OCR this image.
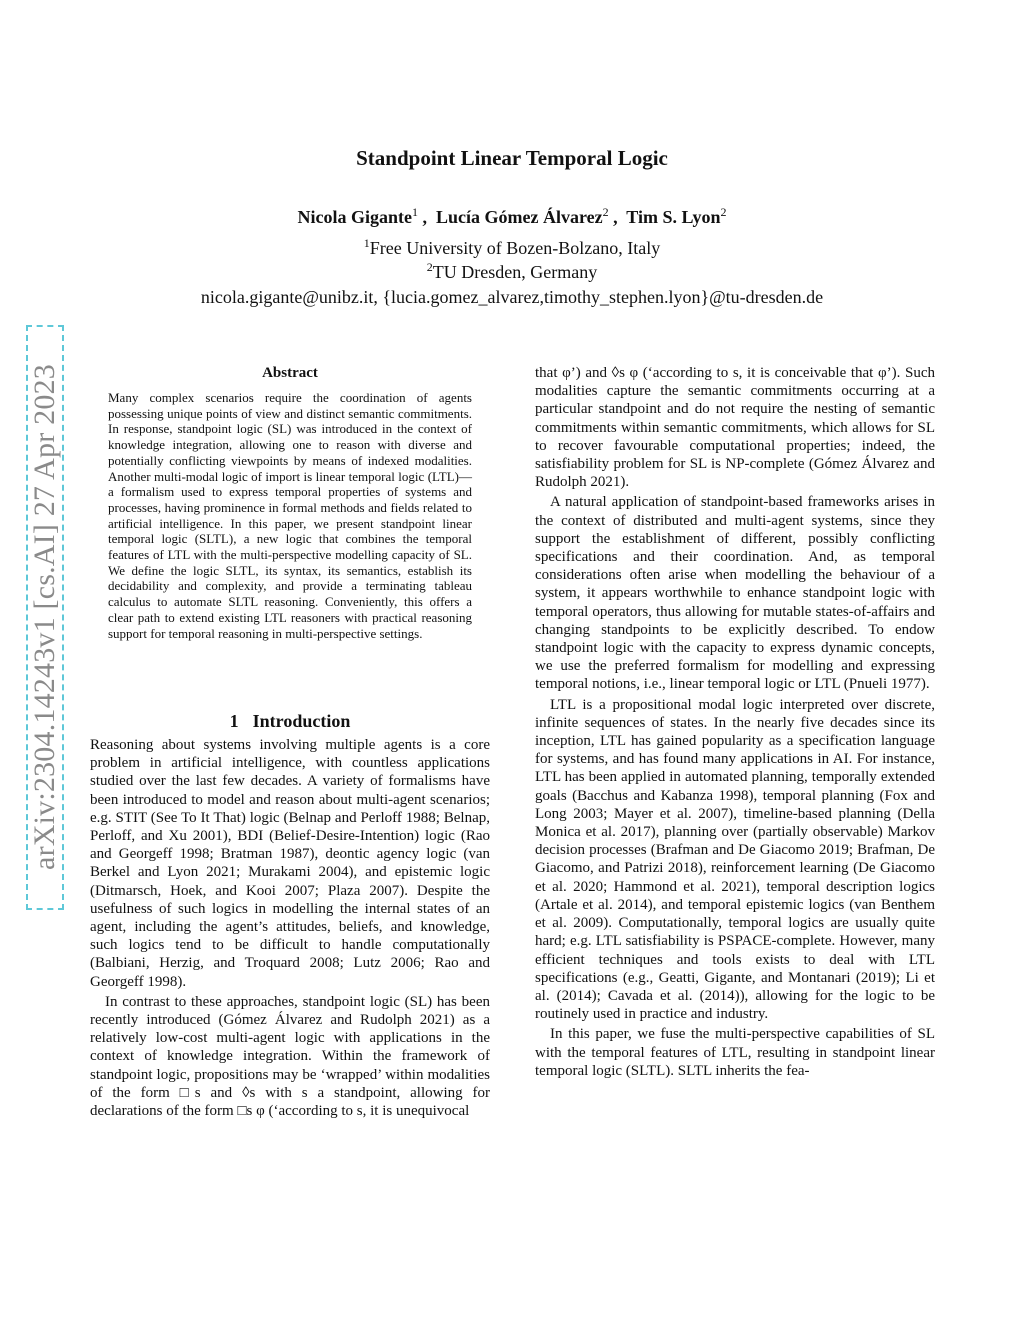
arXiv:2304.14243v1 [cs.AI] 27 Apr 2023
Standpoint Linear Temporal Logic
Nicola Gigante$^1$ ,  Lucía Gómez Álvarez$^2$ ,  Tim S. Lyon$^2$
$^1$Free University of Bozen-Bolzano, Italy
$^2$TU Dresden, Germany
nicola.gigante@unibz.it, {lucia.gomez_alvarez,timothy_stephen.lyon}@tu-dresden.de
Abstract
Many complex scenarios require the coordination of agents possessing unique points of view and distinct semantic commitments. In response, standpoint logic (SL) was introduced in the context of knowledge integration, allowing one to reason with diverse and potentially conflicting viewpoints by means of indexed modalities. Another multi-modal logic of import is linear temporal logic (LTL)—a formalism used to express temporal properties of systems and processes, having prominence in formal methods and fields related to artificial intelligence. In this paper, we present standpoint linear temporal logic (SLTL), a new logic that combines the temporal features of LTL with the multi-perspective modelling capacity of SL. We define the logic SLTL, its syntax, its semantics, establish its decidability and complexity, and provide a terminating tableau calculus to automate SLTL reasoning. Conveniently, this offers a clear path to extend existing LTL reasoners with practical reasoning support for temporal reasoning in multi-perspective settings.
1 Introduction

Reasoning about systems involving multiple agents is a core problem in artificial intelligence, with countless applications studied over the last few decades. A variety of formalisms have been introduced to model and reason about multi-agent scenarios; e.g. STIT (See To It That) logic (Belnap and Perloff 1988; Belnap, Perloff, and Xu 2001), BDI (Belief-Desire-Intention) logic (Rao and Georgeff 1998; Bratman 1987), deontic agency logic (van Berkel and Lyon 2021; Murakami 2004), and epistemic logic (Ditmarsch, Hoek, and Kooi 2007; Plaza 2007). Despite the usefulness of such logics in modelling the internal states of an agent, including the agent’s attitudes, beliefs, and knowledge, such logics tend to be difficult to handle computationally (Balbiani, Herzig, and Troquard 2008; Lutz 2006; Rao and Georgeff 1998).

In contrast to these approaches, standpoint logic (SL) has been recently introduced (Gómez Álvarez and Rudolph 2021) as a relatively low-cost multi-agent logic with applications in the context of knowledge integration. Within the framework of standpoint logic, propositions may be ‘wrapped’ within modalities of the form □s and ◊s with s a standpoint, allowing for declarations of the form □s φ (‘according to s, it is unequivocal

that φ’) and ◊s φ (‘according to s, it is conceivable that φ’). Such modalities capture the semantic commitments occurring at a particular standpoint and do not require the nesting of semantic commitments within semantic commitments, which allows for SL to recover favourable computational properties; indeed, the satisfiability problem for SL is NP-complete (Gómez Álvarez and Rudolph 2021).

A natural application of standpoint-based frameworks arises in the context of distributed and multi-agent systems, since they support the establishment of different, possibly conflicting specifications and their coordination. And, as temporal considerations often arise when modelling the behaviour of a system, it appears worthwhile to enhance standpoint logic with temporal operators, thus allowing for mutable states-of-affairs and changing standpoints to be explicitly described. To endow standpoint logic with the capacity to express dynamic concepts, we use the preferred formalism for modelling and expressing temporal notions, i.e., linear temporal logic or LTL (Pnueli 1977).

LTL is a propositional modal logic interpreted over discrete, infinite sequences of states. In the nearly five decades since its inception, LTL has gained popularity as a specification language for systems, and has found many applications in AI. For instance, LTL has been applied in automated planning, temporally extended goals (Bacchus and Kabanza 1998), temporal planning (Fox and Long 2003; Mayer et al. 2007), timeline-based planning (Della Monica et al. 2017), planning over (partially observable) Markov decision processes (Brafman and De Giacomo 2019; Brafman, De Giacomo, and Patrizi 2018), reinforcement learning (De Giacomo et al. 2020; Hammond et al. 2021), temporal description logics (Artale et al. 2014), and temporal epistemic logics (van Benthem et al. 2009). Computationally, temporal logics are usually quite hard; e.g. LTL satisfiability is PSPACE-complete. However, many efficient techniques and tools exists to deal with LTL specifications (e.g., Geatti, Gigante, and Montanari (2019); Li et al. (2014); Cavada et al. (2014)), allowing for the logic to be routinely used in practice and industry.

In this paper, we fuse the multi-perspective capabilities of SL with the temporal features of LTL, resulting in standpoint linear temporal logic (SLTL). SLTL inherits the fea-
